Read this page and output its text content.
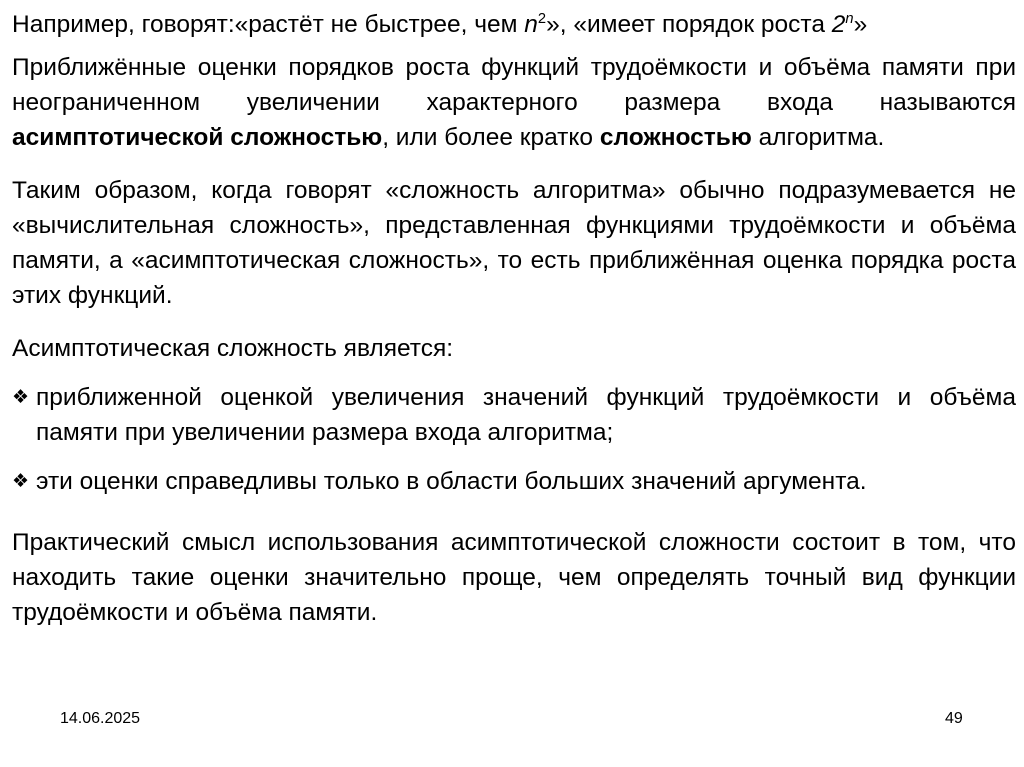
Например, говорят:«растёт не быстрее, чем $n^2$», «имеет порядок роста 2$^n$»

Приближённые оценки порядков роста функций трудоёмкости и объёма памяти при неограниченном увеличении характерного размера входа называются асимптотической сложностью, или более кратко сложностью алгоритма.

Таким образом, когда говорят «сложность алгоритма» обычно подразумевается не «вычислительная сложность», представленная функциями трудоёмкости и объёма памяти, а «асимптотическая сложность», то есть приближённая оценка порядка роста этих функций.

Асимптотическая сложность является:

❖ приближенной оценкой увеличения значений функций трудоёмкости и объёма памяти при увеличении размера входа алгоритма;

❖ эти оценки справедливы только в области больших значений аргумента.

Практический смысл использования асимптотической сложности состоит в том, что находить такие оценки значительно проще, чем определять точный вид функции трудоёмкости и объёма памяти.

14.06.2025	49
